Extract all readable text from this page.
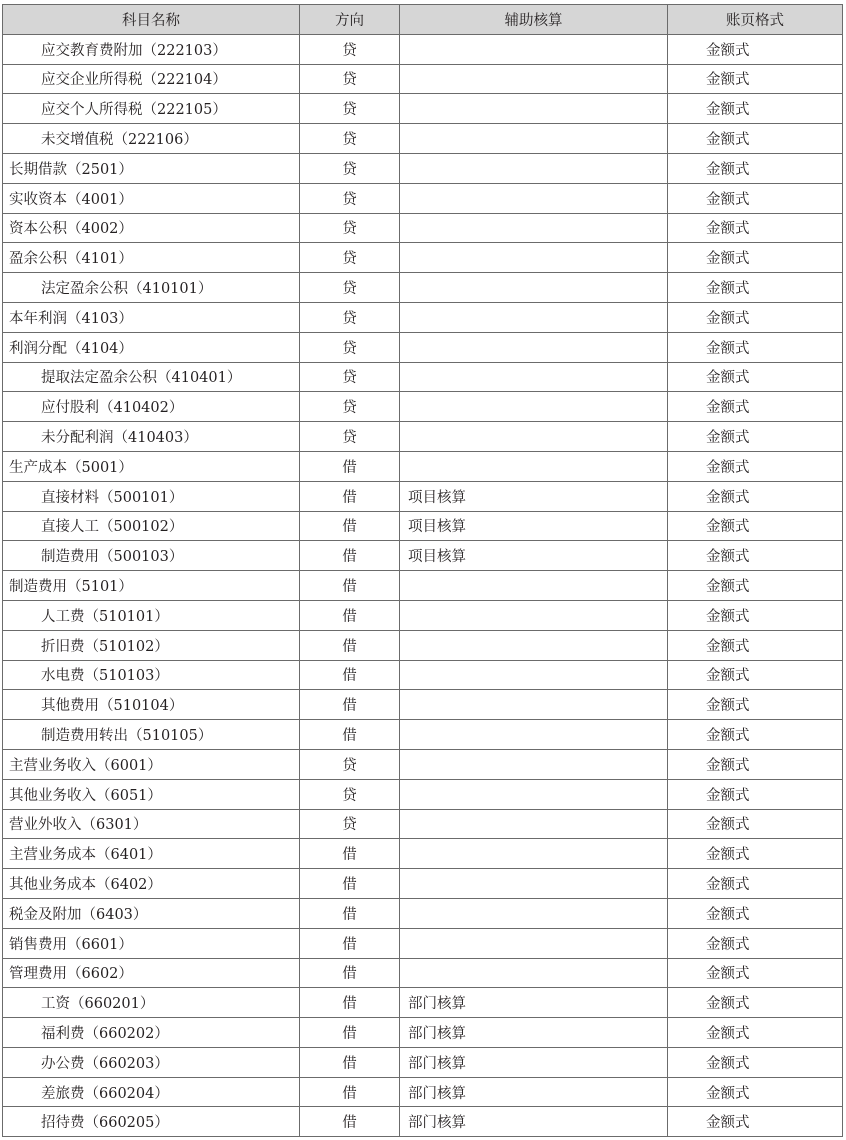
科目名称	方向	辅助核算	账页格式
应交教育费附加（222103）	贷		金额式
应交企业所得税（222104）	贷		金额式
应交个人所得税（222105）	贷		金额式
未交增值税（222106）	贷		金额式
长期借款（2501）	贷		金额式
实收资本（4001）	贷		金额式
资本公积（4002）	贷		金额式
盈余公积（4101）	贷		金额式
法定盈余公积（410101）	贷		金额式
本年利润（4103）	贷		金额式
利润分配（4104）	贷		金额式
提取法定盈余公积（410401）	贷		金额式
应付股利（410402）	贷		金额式
未分配利润（410403）	贷		金额式
生产成本（5001）	借		金额式
直接材料（500101）	借	项目核算	金额式
直接人工（500102）	借	项目核算	金额式
制造费用（500103）	借	项目核算	金额式
制造费用（5101）	借		金额式
人工费（510101）	借		金额式
折旧费（510102）	借		金额式
水电费（510103）	借		金额式
其他费用（510104）	借		金额式
制造费用转出（510105）	借		金额式
主营业务收入（6001）	贷		金额式
其他业务收入（6051）	贷		金额式
营业外收入（6301）	贷		金额式
主营业务成本（6401）	借		金额式
其他业务成本（6402）	借		金额式
税金及附加（6403）	借		金额式
销售费用（6601）	借		金额式
管理费用（6602）	借		金额式
工资（660201）	借	部门核算	金额式
福利费（660202）	借	部门核算	金额式
办公费（660203）	借	部门核算	金额式
差旅费（660204）	借	部门核算	金额式
招待费（660205）	借	部门核算	金额式
